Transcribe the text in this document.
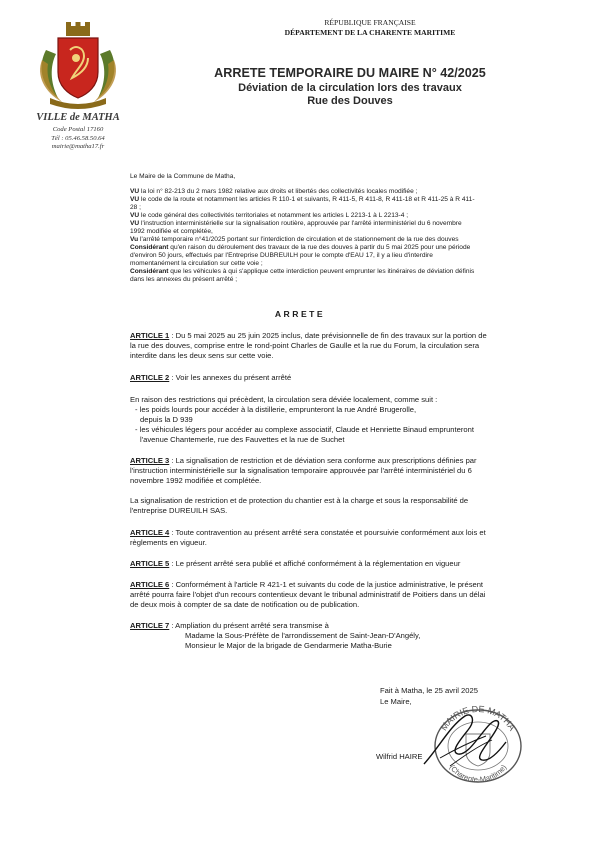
RÉPUBLIQUE FRANÇAISE
DÉPARTEMENT DE LA CHARENTE MARITIME
ARRETE TEMPORAIRE DU MAIRE N° 42/2025
Déviation de la circulation lors des travaux
Rue des Douves
VILLE de MATHA
Code Postal 17160
Tél : 05.46.58.50.64
mairie@matha17.fr
Le Maire de la Commune de Matha,
VU la loi n° 82-213 du 2 mars 1982 relative aux droits et libertés des collectivités locales modifiée ;
VU le code de la route et notamment les articles R 110-1 et suivants, R 411-5, R 411-8, R 411-18 et R 411-25 à R 411-
28 ;
VU le code général des collectivités territoriales et notamment les articles L 2213-1 à L 2213-4 ;
VU l'instruction interministérielle sur la signalisation routière, approuvée par l'arrêté interministériel du 6 novembre
1992 modifiée et complétée,
Vu l'arrêté temporaire n°41/2025 portant sur l'interdiction de circulation et de stationnement de la rue des douves
Considérant qu'en raison du déroulement des travaux de la rue des douves à partir du 5 mai 2025 pour une période
d'environ 50 jours, effectués par l'Entreprise DUBREUILH pour le compte d'EAU 17, il y a lieu d'interdire
momentanément la circulation sur cette voie ;
Considérant que les véhicules à qui s'applique cette interdiction peuvent emprunter les itinéraires de déviation définis
dans les annexes du présent arrêté ;
ARRETE
ARTICLE 1 : Du 5 mai 2025 au 25 juin 2025 inclus, date prévisionnelle de fin des travaux sur la portion de
la rue des douves, comprise entre le rond-point Charles de Gaulle et la rue du Forum, la circulation sera
interdite dans les deux sens sur cette voie.
ARTICLE 2 : Voir les annexes du présent arrêté
En raison des restrictions qui précèdent, la circulation sera déviée localement, comme suit :
- les poids lourds pour accéder à la distillerie, emprunteront la rue André Brugerolle,
depuis la D 939
- les véhicules légers pour accéder au complexe associatif, Claude et Henriette Binaud emprunteront
l'avenue Chantemerle, rue des Fauvettes et la rue de Suchet
ARTICLE 3 : La signalisation de restriction et de déviation sera conforme aux prescriptions définies par
l'instruction interministérielle sur la signalisation temporaire approuvée par l'arrêté interministériel du 6
novembre 1992 modifiée et complétée.
La signalisation de restriction et de protection du chantier est à la charge et sous la responsabilité de
l'entreprise DUREUILH SAS.
ARTICLE 4 : Toute contravention au présent arrêté sera constatée et poursuivie conformément aux lois et
règlements en vigueur.
ARTICLE 5 : Le présent arrêté sera publié et affiché conformément à la réglementation en vigueur
ARTICLE 6 : Conformément à l'article R 421-1 et suivants du code de la justice administrative, le présent
arrêté pourra faire l'objet d'un recours contentieux devant le tribunal administratif de Poitiers dans un délai
de deux mois à compter de sa date de notification ou de publication.
ARTICLE 7 : Ampliation du présent arrêté sera transmise à
Madame la Sous-Préfète de l'arrondissement de Saint-Jean-D'Angély,
Monsieur le Major de la brigade de Gendarmerie Matha-Burie
Fait à Matha, le 25 avril 2025
Le Maire,
MAIRIE DE MATHA
(Charente-Maritime)
Wilfrid HAIRE
